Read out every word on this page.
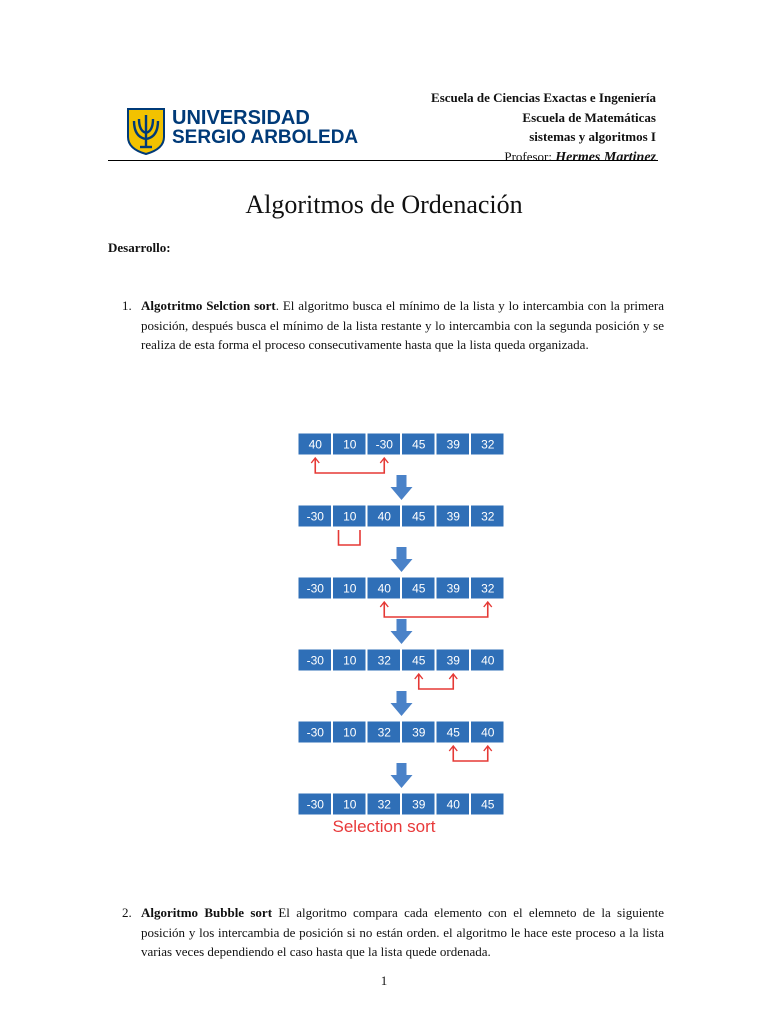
UNIVERSIDAD
SERGIO ARBOLEDA
Escuela de Ciencias Exactas e Ingeniería
Escuela de Matemáticas
sistemas y algoritmos I
Profesor: Hermes Martinez
Algoritmos de Ordenación
Desarrollo:
1. Algotritmo Selction sort. El algoritmo busca el mínimo de la lista y lo intercambia con la primera posición, después busca el mínimo de la lista restante y lo intercambia con la segunda posición y se realiza de esta forma el proceso consecutivamente hasta que la lista queda organizada.
40 10 -30 45 39 32
-30 10 40 45 39 32
-30 10 40 45 39 32
-30 10 32 45 39 40
-30 10 32 39 45 40
-30 10 32 39 40 45
Selection sort
2. Algoritmo Bubble sort El algoritmo compara cada elemento con el elemneto de la siguiente posición y los intercambia de posición si no están orden. el algoritmo le hace este proceso a la lista varias veces dependiendo el caso hasta que la lista quede ordenada.
1
